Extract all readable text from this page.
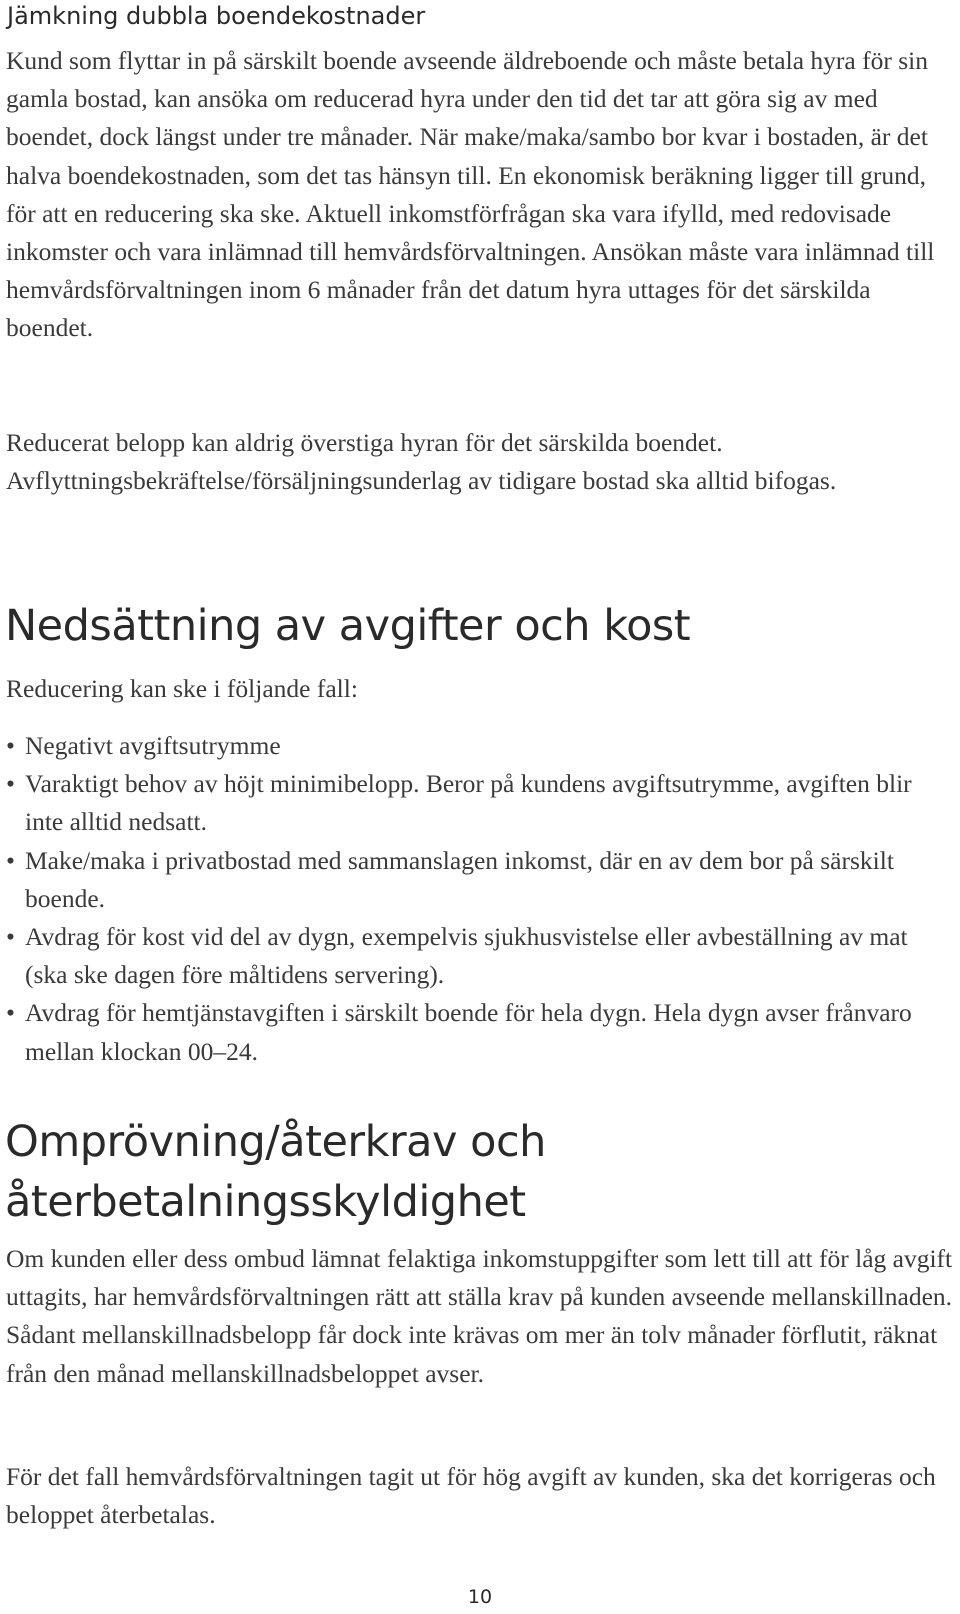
Jämkning dubbla boendekostnader

Kund som flyttar in på särskilt boende avseende äldreboende och måste betala hyra för sin gamla bostad, kan ansöka om reducerad hyra under den tid det tar att göra sig av med boendet, dock längst under tre månader. När make/maka/sambo bor kvar i bostaden, är det halva boendekostnaden, som det tas hänsyn till. En ekonomisk beräkning ligger till grund, för att en reducering ska ske. Aktuell inkomstförfrågan ska vara ifylld, med redovisade inkomster och vara inlämnad till hemvårdsförvaltningen. Ansökan måste vara inlämnad till hemvårdsförvaltningen inom 6 månader från det datum hyra uttages för det särskilda boendet.

Reducerat belopp kan aldrig överstiga hyran för det särskilda boendet. Avflyttningsbekräftelse/försäljningsunderlag av tidigare bostad ska alltid bifogas.

Nedsättning av avgifter och kost

Reducering kan ske i följande fall:

• Negativt avgiftsutrymme
• Varaktigt behov av höjt minimibelopp. Beror på kundens avgiftsutrymme, avgiften blir inte alltid nedsatt.
• Make/maka i privatbostad med sammanslagen inkomst, där en av dem bor på särskilt boende.
• Avdrag för kost vid del av dygn, exempelvis sjukhusvistelse eller avbeställning av mat (ska ske dagen före måltidens servering).
• Avdrag för hemtjänstavgiften i särskilt boende för hela dygn. Hela dygn avser frånvaro mellan klockan 00–24.
Omprövning/återkrav och
återbetalningsskyldighet

Om kunden eller dess ombud lämnat felaktiga inkomstuppgifter som lett till att för låg avgift uttagits, har hemvårdsförvaltningen rätt att ställa krav på kunden avseende mellanskillnaden. Sådant mellanskillnadsbelopp får dock inte krävas om mer än tolv månader förflutit, räknat från den månad mellanskillnadsbeloppet avser.

För det fall hemvårdsförvaltningen tagit ut för hög avgift av kunden, ska det korrigeras och beloppet återbetalas.

10
